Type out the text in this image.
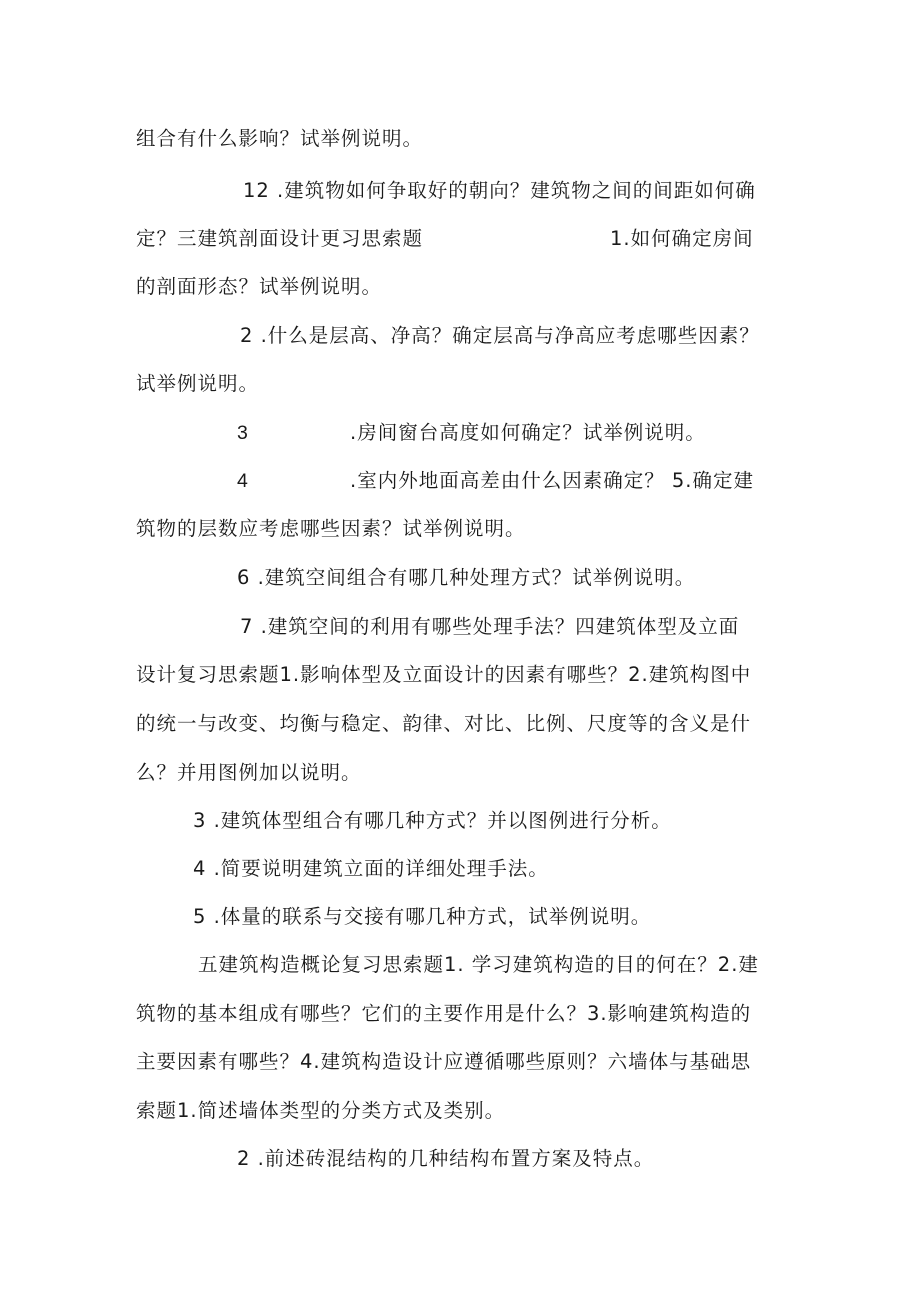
组合有什么影响？试举例说明。
12 .建筑物如何争取好的朝向？建筑物之间的间距如何确
定？三建筑剖面设计更习思索题	1.如何确定房间
的剖面形态？试举例说明。
2 .什么是层高、净高？确定层高与净高应考虑哪些因素？
试举例说明。
3	.房间窗台高度如何确定？试举例说明。
4	.室内外地面高差由什么因素确定？ 5.确定建
筑物的层数应考虑哪些因素？试举例说明。
6 .建筑空间组合有哪几种处理方式？试举例说明。
7 .建筑空间的利用有哪些处理手法？四建筑体型及立面
设计复习思索题1.影响体型及立面设计的因素有哪些？2.建筑构图中
的统一与改变、均衡与稳定、韵律、对比、比例、尺度等的含义是什
么？并用图例加以说明。
3 .建筑体型组合有哪几种方式？并以图例进行分析。
4 .简要说明建筑立面的详细处理手法。
5 .体量的联系与交接有哪几种方式，试举例说明。
五建筑构造概论复习思索题1. 学习建筑构造的目的何在？2.建
筑物的基本组成有哪些？它们的主要作用是什么？3.影响建筑构造的
主要因素有哪些？4.建筑构造设计应遵循哪些原则？六墙体与基础思
索题1.简述墙体类型的分类方式及类别。
2 .前述砖混结构的几种结构布置方案及特点。
